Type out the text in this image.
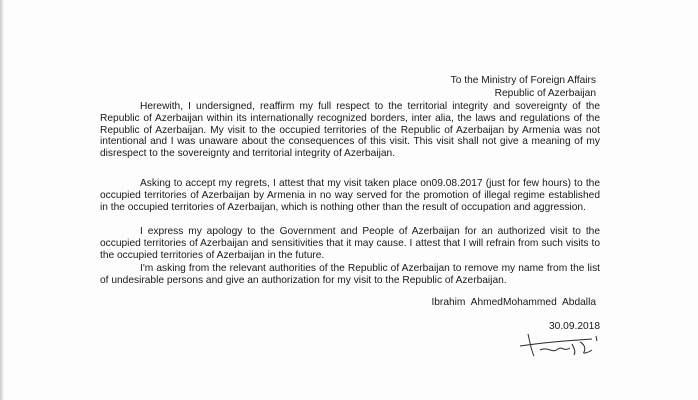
To the Ministry of Foreign Affairs
Republic of Azerbaijan

Herewith, I undersigned, reaffirm my full respect to the territorial integrity and sovereignty of the Republic of Azerbaijan within its internationally recognized borders, inter alia, the laws and regulations of the Republic of Azerbaijan. My visit to the occupied territories of the Republic of Azerbaijan by Armenia was not intentional and I was unaware about the consequences of this visit. This visit shall not give a meaning of my disrespect to the sovereignty and territorial integrity of Azerbaijan.

Asking to accept my regrets, I attest that my visit taken place on09.08.2017 (just for few hours) to the occupied territories of Azerbaijan by Armenia in no way served for the promotion of illegal regime established in the occupied territories of Azerbaijan, which is nothing other than the result of occupation and aggression.

I express my apology to the Government and People of Azerbaijan for an authorized visit to the occupied territories of Azerbaijan and sensitivities that it may cause. I attest that I will refrain from such visits to the occupied territories of Azerbaijan in the future.

I'm asking from the relevant authorities of the Republic of Azerbaijan to remove my name from the list of undesirable persons and give an authorization for my visit to the Republic of Azerbaijan.

Ibrahim AhmedMohammed Abdalla
30.09.2018
